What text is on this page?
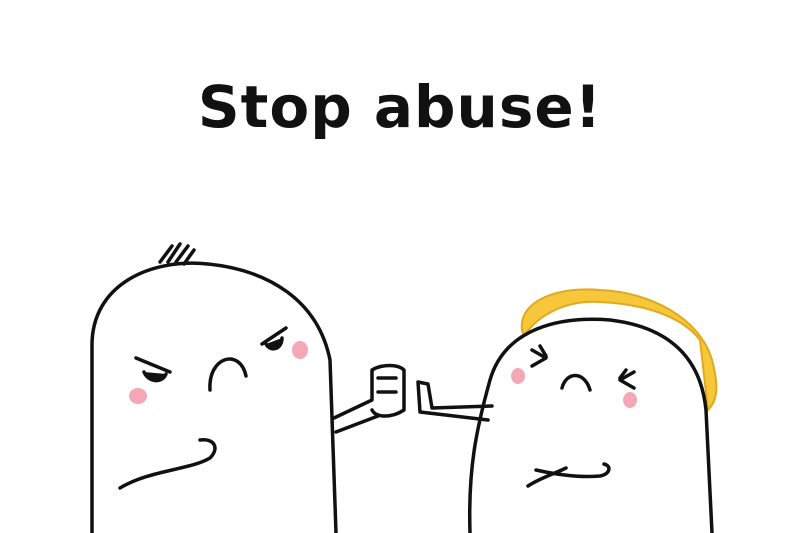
Stop abuse!
